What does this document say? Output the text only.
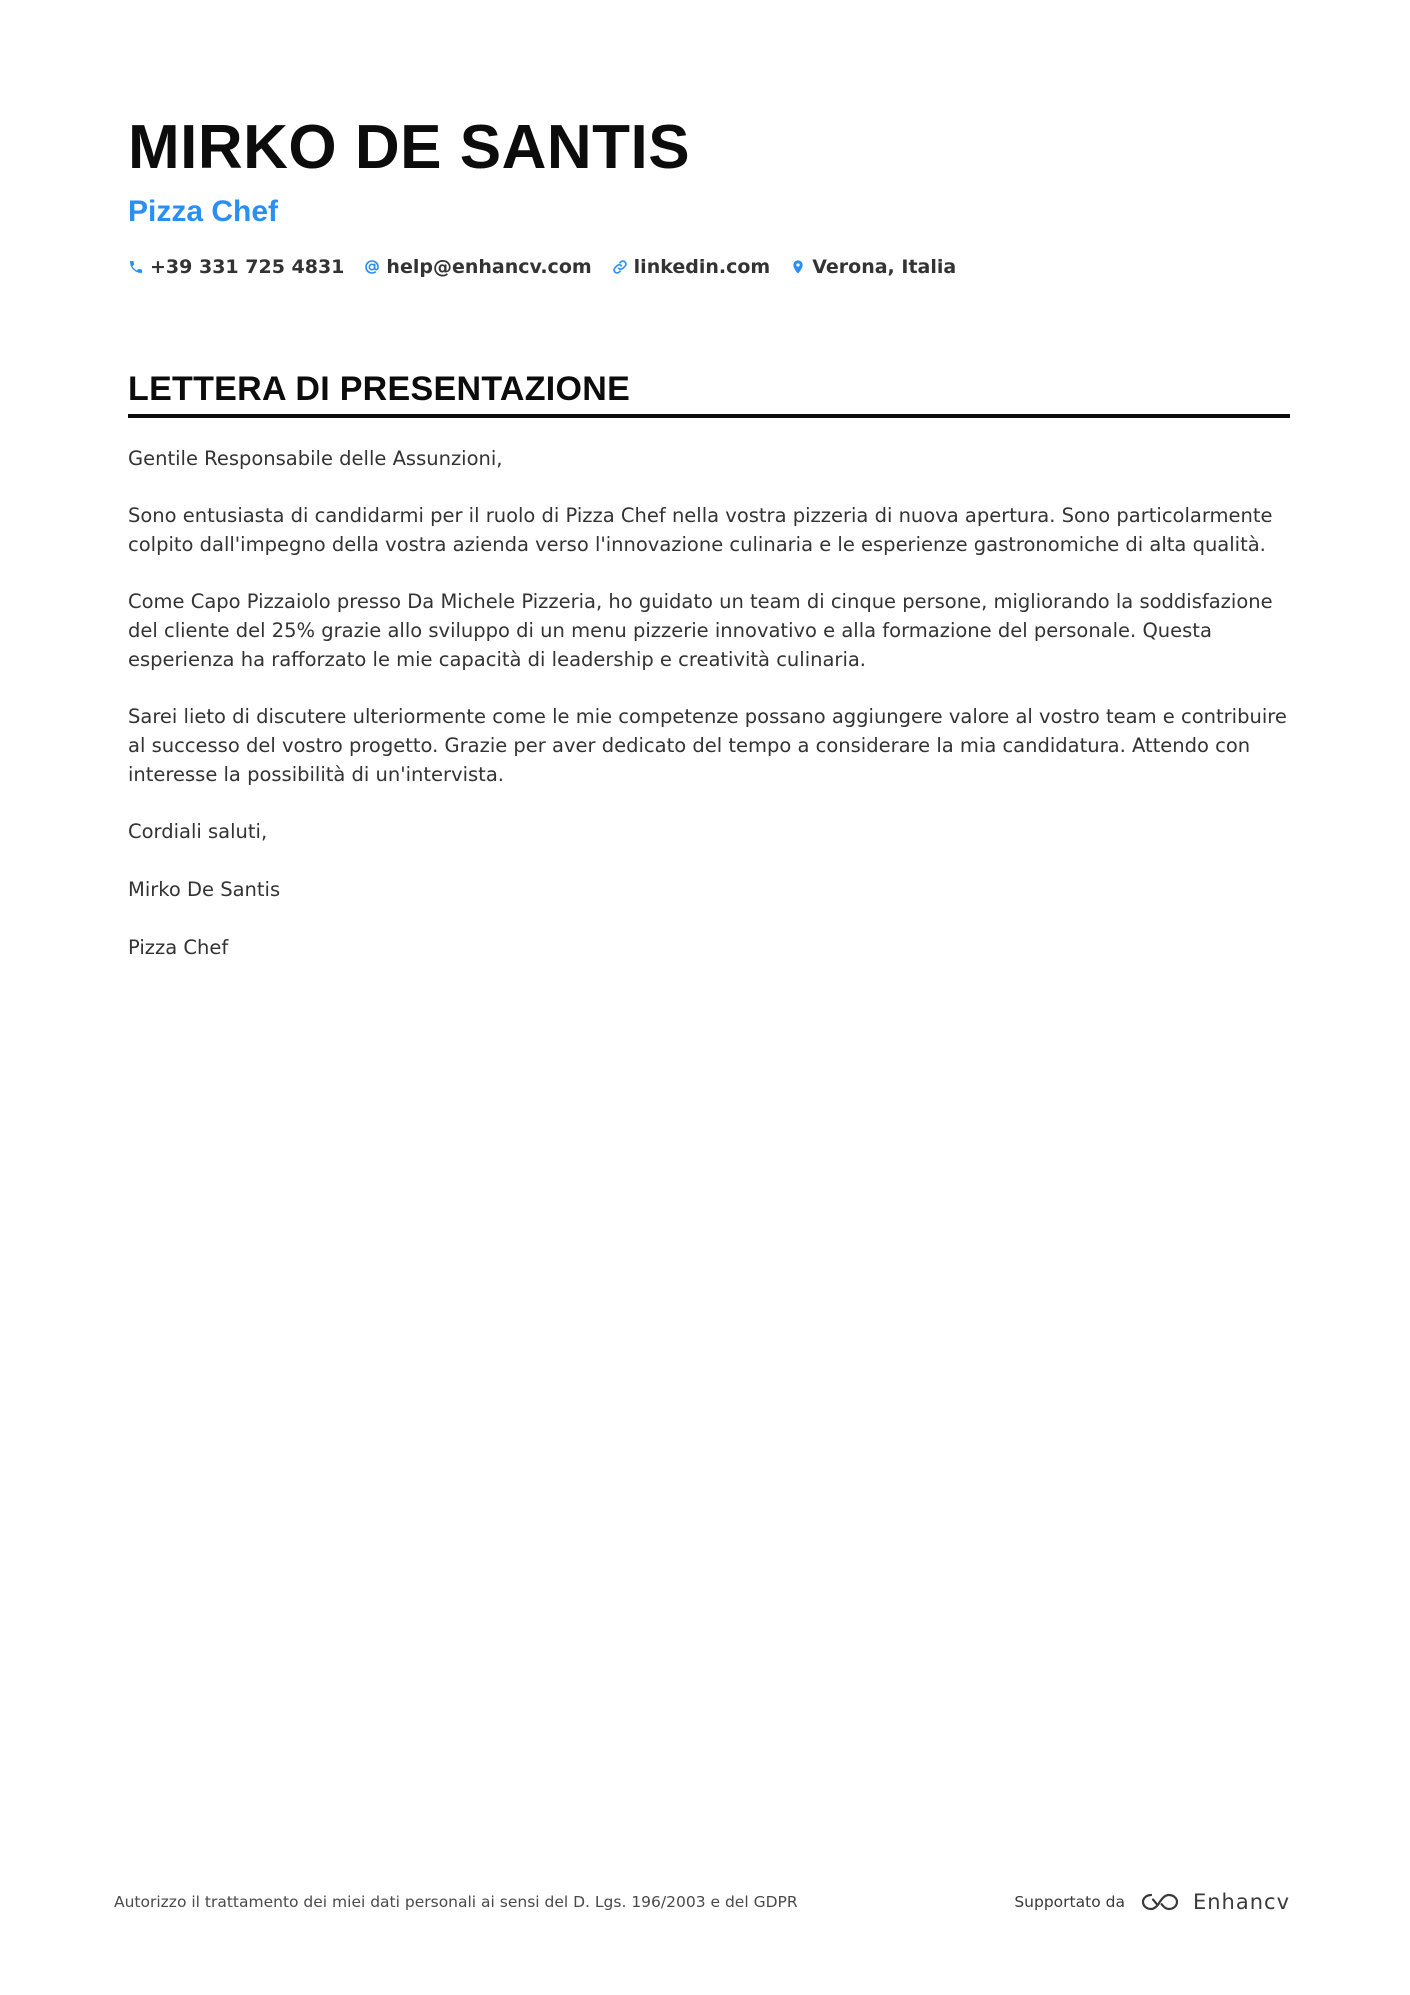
MIRKO DE SANTIS
Pizza Chef
+39 331 725 4831 help@enhancv.com linkedin.com Verona, Italia
LETTERA DI PRESENTAZIONE

Gentile Responsabile delle Assunzioni,

Sono entusiasta di candidarmi per il ruolo di Pizza Chef nella vostra pizzeria di nuova apertura. Sono particolarmente colpito dall'impegno della vostra azienda verso l'innovazione culinaria e le esperienze gastronomiche di alta qualità.

Come Capo Pizzaiolo presso Da Michele Pizzeria, ho guidato un team di cinque persone, migliorando la soddisfazione del cliente del 25% grazie allo sviluppo di un menu pizzerie innovativo e alla formazione del personale. Questa esperienza ha rafforzato le mie capacità di leadership e creatività culinaria.

Sarei lieto di discutere ulteriormente come le mie competenze possano aggiungere valore al vostro team e contribuire al successo del vostro progetto. Grazie per aver dedicato del tempo a considerare la mia candidatura. Attendo con interesse la possibilità di un'intervista.

Cordiali saluti,

Mirko De Santis

Pizza Chef

Autorizzo il trattamento dei miei dati personali ai sensi del D. Lgs. 196/2003 e del GDPR	Supportato da	Enhancv
